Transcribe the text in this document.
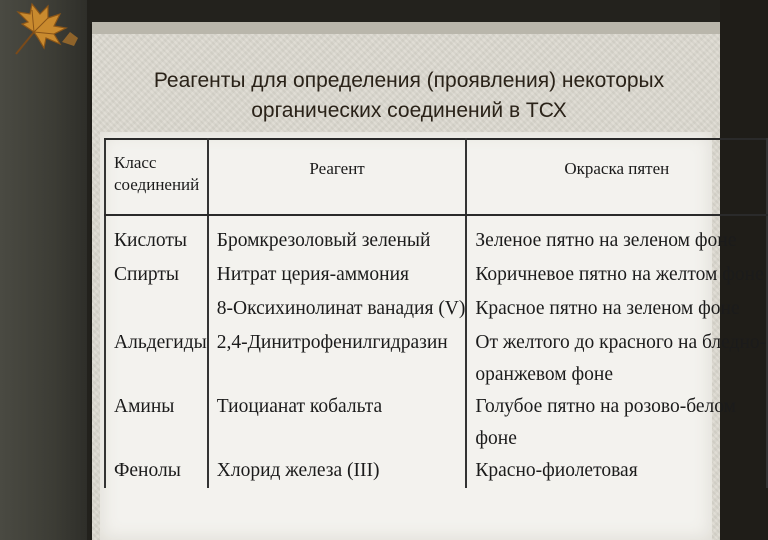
Реагенты для определения (проявления) некоторых
органических соединений в ТСХ
Класс
соединений	Реагент	Окраска пятен
Кислоты	Бромкрезоловый зеленый	Зеленое пятно на зеленом фоне
Спирты	Нитрат церия-аммония	Коричневое пятно на желтом фоне
	8-Оксихинолинат ванадия (V)	Красное пятно на зеленом фоне
Альдегиды	2,4-Динитрофенилгидразин	От желтого до красного на бледно-
		оранжевом фоне
Амины	Тиоцианат кобальта	Голубое пятно на розово-белом
		фоне
Фенолы	Хлорид железа (III)	Красно-фиолетовая
